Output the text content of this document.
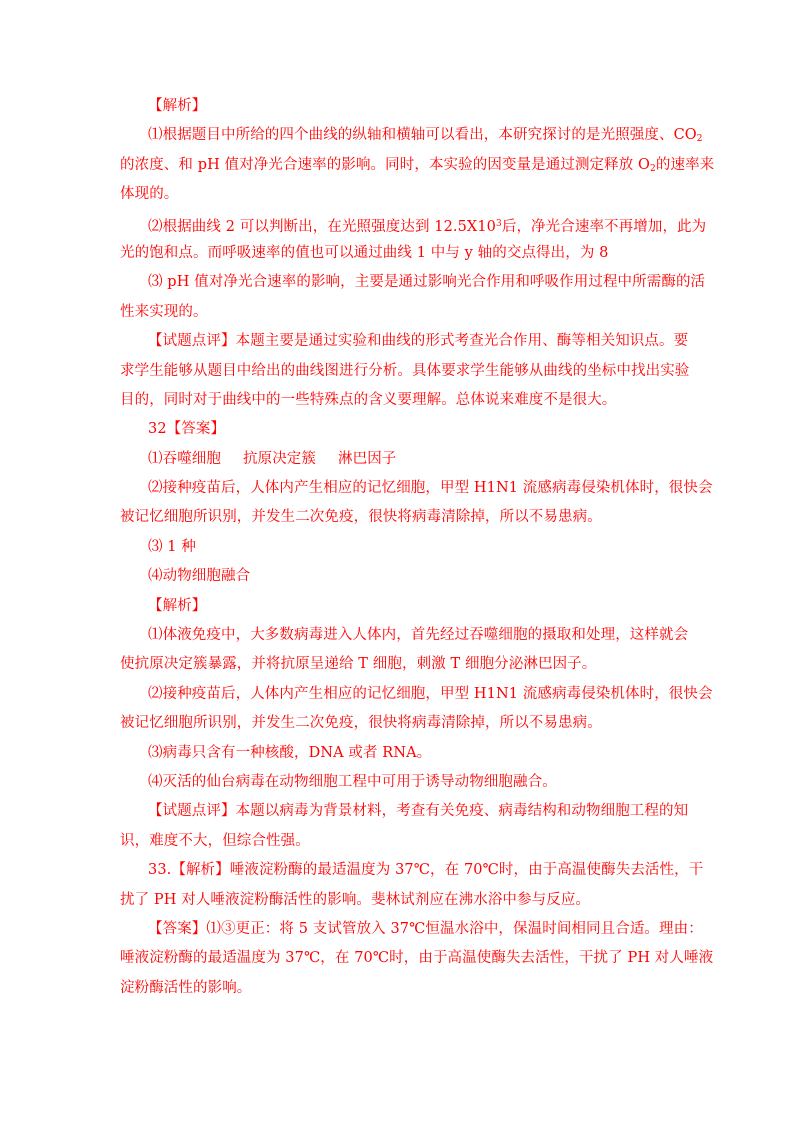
【解析】
⑴根据题目中所给的四个曲线的纵轴和横轴可以看出，本研究探讨的是光照强度、$CO_2$
的浓度、和 pH 值对净光合速率的影响。同时，本实验的因变量是通过测定释放 $O_2$的速率来
体现的。
⑵根据曲线 2 可以判断出，在光照强度达到 $12.5X10^3$后，净光合速率不再增加，此为
光的饱和点。而呼吸速率的值也可以通过曲线 1 中与 y 轴的交点得出，为 8
⑶ pH 值对净光合速率的影响，主要是通过影响光合作用和呼吸作用过程中所需酶的活
性来实现的。
【试题点评】本题主要是通过实验和曲线的形式考查光合作用、酶等相关知识点。要
求学生能够从题目中给出的曲线图进行分析。具体要求学生能够从曲线的坐标中找出实验
目的，同时对于曲线中的一些特殊点的含义要理解。总体说来难度不是很大。
32【答案】
⑴吞噬细胞 抗原决定簇 淋巴因子
⑵接种疫苗后，人体内产生相应的记忆细胞，甲型 H1N1 流感病毒侵染机体时，很快会
被记忆细胞所识别，并发生二次免疫，很快将病毒清除掉，所以不易患病。
⑶ 1 种
⑷动物细胞融合
【解析】
⑴体液免疫中，大多数病毒进入人体内，首先经过吞噬细胞的摄取和处理，这样就会
使抗原决定簇暴露，并将抗原呈递给 T 细胞，刺激 T 细胞分泌淋巴因子。
⑵接种疫苗后，人体内产生相应的记忆细胞，甲型 H1N1 流感病毒侵染机体时，很快会
被记忆细胞所识别，并发生二次免疫，很快将病毒清除掉，所以不易患病。
⑶病毒只含有一种核酸，DNA 或者 RNA。
⑷灭活的仙台病毒在动物细胞工程中可用于诱导动物细胞融合。
【试题点评】本题以病毒为背景材料，考查有关免疫、病毒结构和动物细胞工程的知
识，难度不大，但综合性强。
33.【解析】唾液淀粉酶的最适温度为 37℃，在 70℃时，由于高温使酶失去活性，干
扰了 PH 对人唾液淀粉酶活性的影响。斐林试剂应在沸水浴中参与反应。
【答案】⑴③更正：将 5 支试管放入 37℃恒温水浴中，保温时间相同且合适。理由：
唾液淀粉酶的最适温度为 37℃，在 70℃时，由于高温使酶失去活性，干扰了 PH 对人唾液
淀粉酶活性的影响。
